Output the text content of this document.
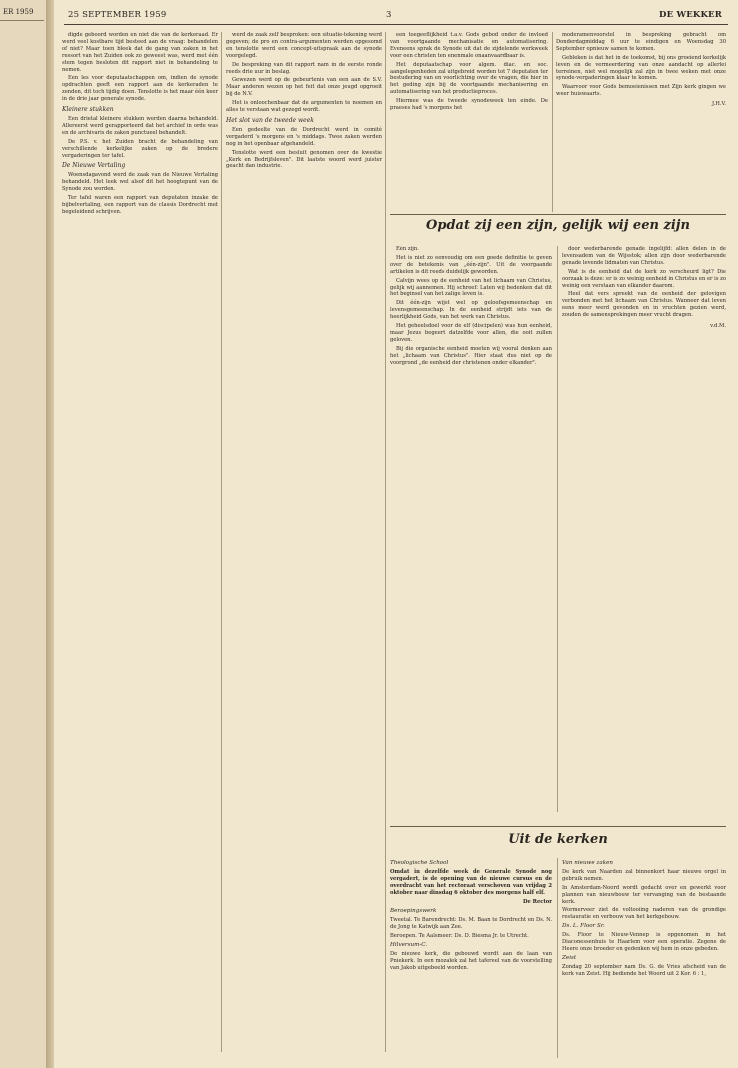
ER 1959	25 SEPTEMBER 1959	3	DE WEKKER

digde geboord worden en niet die van de kerkeraad. Er werd veel kostbare tijd besteed aan de vraag: behandelen of niet? Maar toen bleek dat de gang van zaken in het ressort van het Zuiden ook zo geweest was, werd met één stem tegen besloten dit rapport niet in behandeling te nemen.

Een les voor deputaatschappen om, indien de synode opdrachten geeft een rapport aan de kerkeraden te zenden, dit toch tijdig doen. Tenslotte is het maar één keer in de drie jaar generale synode.

Kleinere stukken

Een drietal kleinere stukken werden daarna behandeld. Allereerst werd gerapporteerd dat het archief in orde was en de archivaris de zaken punctueel behandelt.

De P.S. v. het Zuiden bracht de behandeling van verschillende kerkelijke zaken op de bredere vergaderingen ter tafel.

De Nieuwe Vertaling

Woensdagavond werd de zaak van de Nieuwe Vertaling behandeld. Het leek wel alsof dit het hoogtepunt van de Synode zou worden.

Ter tafel waren een rapport van deputaten inzake de bijbelvertaling, een rapport van de classis Dordrecht met begeleidend schrijven.

werd de zaak zelf besproken: een situatie-tekening werd gegeven; de pro en contra-argumenten werden opgesomd en tenslotte werd een concept-uitspraak aan de synode voorgelegd.

De bespreking van dit rapport nam in de eerste ronde reeds drie uur in beslag.

Gewezen werd op de gebeurtenis van een aan de S.V. Maar anderen wezen op het feit dat onze jeugd opgroeit bij de N.V.

Het is onloochenbaar dat de argumenten te noemen en alles te verstaan wat gezegd wordt.

Het slot van de tweede week

Een gedeelte van de Dordrecht werd in comité vergaderd 's morgens en 's middags. Twee zaken werden nog in het openbaar afgehandeld.

Tenslotte werd een besluit genomen over de kwestie „Kerk en Bedrijfsleven". Dit laatste woord werd juister geacht dan industrie.

een toegeeflijkheid t.a.v. Gods gebod onder de invloed van voortgaande mechanisatie en automatisering. Eveneens sprak de Synode uit dat de zijdelende werkweek voor een christen ten enenmale onaanvaardbaar is.

Het deputaatschap voor algem. diac. en soc. aangelegenheden zal uitgebreid worden tot 7 deputaten ter bestudering van en voorlichting over de vragen, die hier in het geding zijn bij de voortgaande mechanisering en automatisering van het productieproces.

Hiermee was de tweede synodeweek ten einde. De praeses had 's morgens het

moderamenvoorstel in bespreking gebracht om Donderdagmiddag 6 uur te eindigen en Woensdag 30 September opnieuw samen te komen.

Gebleken is dat het in de toekomst, bij ons groeiend kerkelijk leven en de vermeerdering van onze aandacht op allerlei terreinen, niet wel mogelijk zal zijn in twee weken met onze synode-vergaderingen klaar te komen.

Waarvoor voor Gods bemoeienissen met Zijn kerk gingen we weer huiswaarts.

J.H.V.
Opdat zij een zijn, gelijk wij een zijn

Eén zijn.

Het is niet zo eenvoudig om een goede definitie te geven over de betekenis van „één-zijn". Uit de voorgaande artikelen is dit reeds duidelijk geworden.

Calvijn wees op de eenheid van het lichaam van Christus, gelijk wij aannemen. Hij schreef: Laten wij bedenken dat dit het beginsel van het zalige leven is.

Dit één-zijn wijst wel op geloofsgemeenschap en levensgemeenschap. In de eenheid strijdt iets van de heerlijkheid Gods, van het werk van Christus.

Het geheelsdoel voor de elf (discipelen) was hun eenheid, maar Jezus begeert datzelfde voor allen, die ooit zullen geloven.

Bij die organische eenheid moeten wij vooral denken aan het „lichaam van Christus". Hier staat dus niet op de voorgrond „de eenheid der christenen onder elkander".

door wederbarende genade ingelijfd: allen delen in de levensadem van de Wijsstok; allen zijn door wederbarende genade levende lidmaten van Christus.

Wat is de eenheid dat de kerk zo verscheurd ligt? Die oorzaak is deze: er is zo weinig eenheid in Christus en er is zo weinig een verstaan van elkander daarom.

Heel dat vers spreekt van de eenheid der gelovigen verbonden met het lichaam van Christus. Wanneer dat leven eens meer werd gevonden en in vruchten gezien werd, zouden de samensprekingen meer vrucht dragen.

v.d.M.
Uit de kerken
Theologische School

Omdat in dezelfde week de Generale Synode nog vergadert, is de opening van de nieuwe cursus en de overdracht van het rectoraat verschoven van vrijdag 2 oktober naar dinsdag 6 oktober des morgens half elf.

De Rector
Beroepingswerk

Tweetal. Te Barendrecht: Ds. M. Baan te Dordrecht en Ds. N. de Jong te Katwijk aan Zee.

Beroepen. Te Aalsmeer: Ds. D. Biesma Jr. te Utrecht.

Hilversum-C.

De nieuwe kerk, die gebouwd wordt aan de laan van Pniekerk. In een mozaïek zal het tafereel van de voorstelling van Jakob uitgebeeld worden.

Van nieuwe zaken

De kerk van Naarden zal binnenkort haar nieuwe orgel in gebruik nemen.

In Amsterdam-Noord wordt gedacht over en gewerkt voor plannen van nieuwbouw ter vervanging van de bestaande kerk.

Wormerveer ziet de voltooiing naderen van de grondige restauratie en verbouw van het kerkgebouw.

Ds. L. Floor Sr.

Ds. Floor te Nieuw-Vennep is opgenomen in het Diaconessenhuis te Haarlem voor een operatie. Zegene de Heere onze broeder en gedenken wij hem in onze gebeden.

Zeist

Zondag 20 september nam Ds. G. de Vries afscheid van de kerk van Zeist. Hij bediende het Woord uit 2 Kor. 6 : 1,
